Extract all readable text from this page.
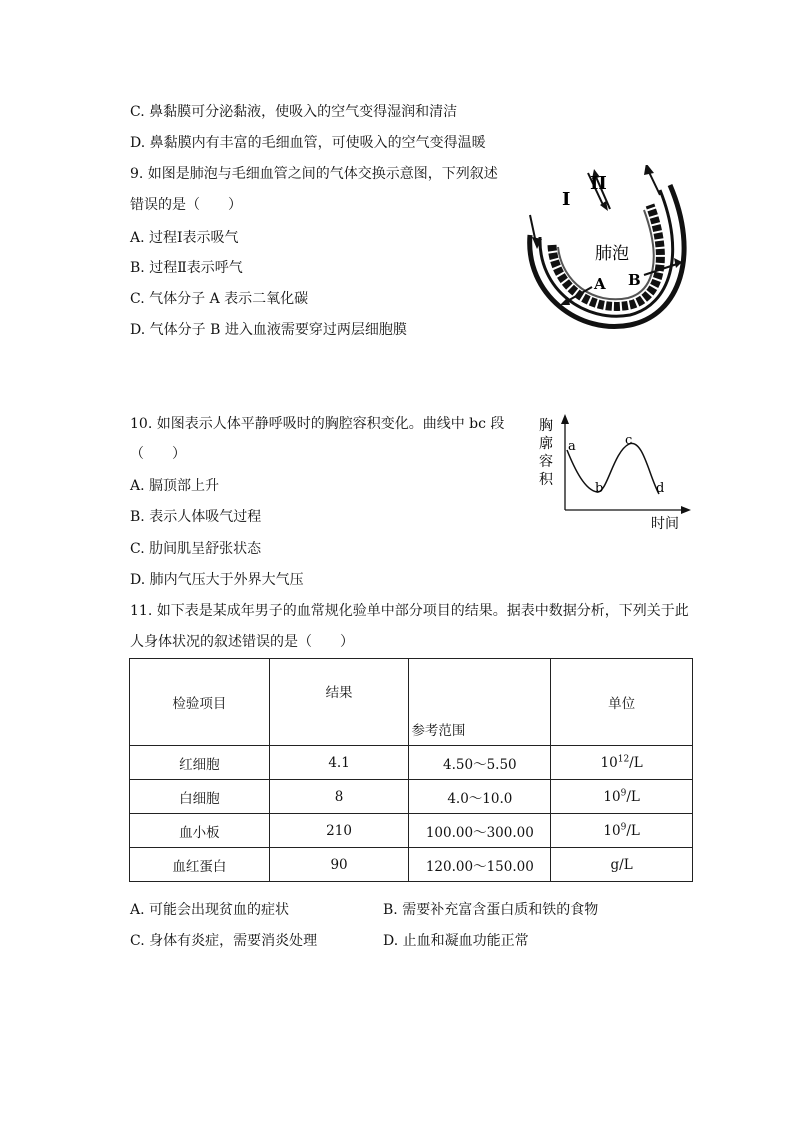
C. 鼻黏膜可分泌黏液，使吸入的空气变得湿润和清洁
D. 鼻黏膜内有丰富的毛细血管，可使吸入的空气变得温暖
9. 如图是肺泡与毛细血管之间的气体交换示意图，下列叙述
错误的是（　　）
A. 过程Ⅰ表示吸气
B. 过程Ⅱ表示呼气
C. 气体分子 A 表示二氧化碳
D. 气体分子 B 进入血液需要穿过两层细胞膜
I
II
肺泡
A B
10. 如图表示人体平静呼吸时的胸腔容积变化。曲线中 bc 段
（　　）
A. 膈顶部上升
B. 表示人体吸气过程
C. 肋间肌呈舒张状态
D. 肺内气压大于外界大气压
胸
廓
容
积
时间
a
b
c
d
11. 如下表是某成年男子的血常规化验单中部分项目的结果。据表中数据分析，下列关于此
人身体状况的叙述错误的是（　　）
检验项目	结果	参考范围	单位
红细胞	4.1	4.50～5.50	$10^{12}/L$
白细胞	8	4.0～10.0	$10^9/L$
血小板	210	100.00～300.00	$10^9/L$
血红蛋白	90	120.00～150.00	g/L
A. 可能会出现贫血的症状	B. 需要补充富含蛋白质和铁的食物
C. 身体有炎症，需要消炎处理	D. 止血和凝血功能正常
